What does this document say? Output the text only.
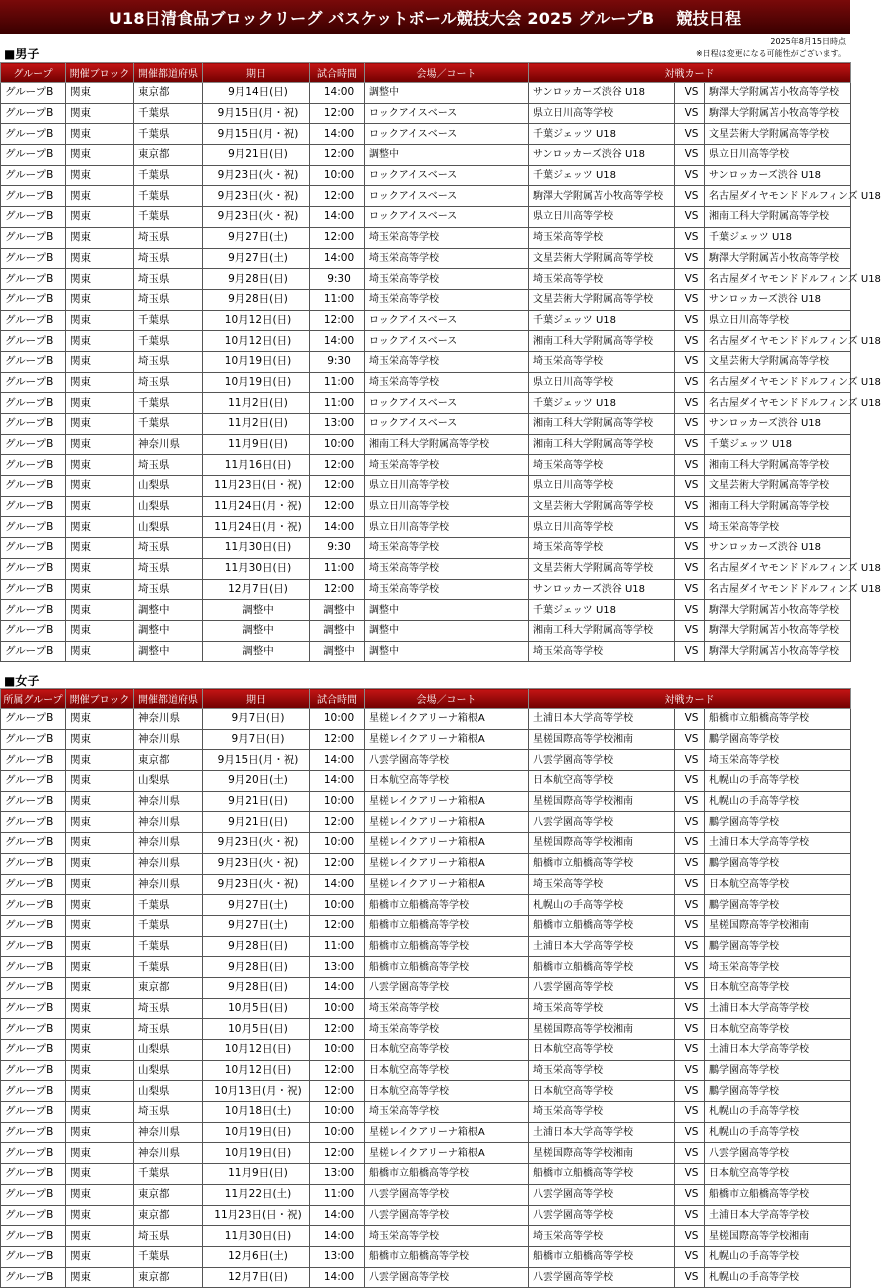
U18日清食品ブロックリーグ バスケットボール競技大会 2025 グループB　 競技日程
2025年8月15日時点
※日程は変更になる可能性がございます。
■男子
グループ	開催ブロック	開催都道府県	期日	試合時間	会場／コート	対戦カード		
グループB	関東	東京都	9月14日(日)	14:00	調整中	サンロッカーズ渋谷 U18	VS	駒澤大学附属苫小牧高等学校
グループB	関東	千葉県	9月15日(月・祝)	12:00	ロックアイスベース	県立日川高等学校	VS	駒澤大学附属苫小牧高等学校
グループB	関東	千葉県	9月15日(月・祝)	14:00	ロックアイスベース	千葉ジェッツ U18	VS	文星芸術大学附属高等学校
グループB	関東	東京都	9月21日(日)	12:00	調整中	サンロッカーズ渋谷 U18	VS	県立日川高等学校
グループB	関東	千葉県	9月23日(火・祝)	10:00	ロックアイスベース	千葉ジェッツ U18	VS	サンロッカーズ渋谷 U18
グループB	関東	千葉県	9月23日(火・祝)	12:00	ロックアイスベース	駒澤大学附属苫小牧高等学校	VS	名古屋ダイヤモンドドルフィンズ U18
グループB	関東	千葉県	9月23日(火・祝)	14:00	ロックアイスベース	県立日川高等学校	VS	湘南工科大学附属高等学校
グループB	関東	埼玉県	9月27日(土)	12:00	埼玉栄高等学校	埼玉栄高等学校	VS	千葉ジェッツ U18
グループB	関東	埼玉県	9月27日(土)	14:00	埼玉栄高等学校	文星芸術大学附属高等学校	VS	駒澤大学附属苫小牧高等学校
グループB	関東	埼玉県	9月28日(日)	9:30	埼玉栄高等学校	埼玉栄高等学校	VS	名古屋ダイヤモンドドルフィンズ U18
グループB	関東	埼玉県	9月28日(日)	11:00	埼玉栄高等学校	文星芸術大学附属高等学校	VS	サンロッカーズ渋谷 U18
グループB	関東	千葉県	10月12日(日)	12:00	ロックアイスベース	千葉ジェッツ U18	VS	県立日川高等学校
グループB	関東	千葉県	10月12日(日)	14:00	ロックアイスベース	湘南工科大学附属高等学校	VS	名古屋ダイヤモンドドルフィンズ U18
グループB	関東	埼玉県	10月19日(日)	9:30	埼玉栄高等学校	埼玉栄高等学校	VS	文星芸術大学附属高等学校
グループB	関東	埼玉県	10月19日(日)	11:00	埼玉栄高等学校	県立日川高等学校	VS	名古屋ダイヤモンドドルフィンズ U18
グループB	関東	千葉県	11月2日(日)	11:00	ロックアイスベース	千葉ジェッツ U18	VS	名古屋ダイヤモンドドルフィンズ U18
グループB	関東	千葉県	11月2日(日)	13:00	ロックアイスベース	湘南工科大学附属高等学校	VS	サンロッカーズ渋谷 U18
グループB	関東	神奈川県	11月9日(日)	10:00	湘南工科大学附属高等学校	湘南工科大学附属高等学校	VS	千葉ジェッツ U18
グループB	関東	埼玉県	11月16日(日)	12:00	埼玉栄高等学校	埼玉栄高等学校	VS	湘南工科大学附属高等学校
グループB	関東	山梨県	11月23日(日・祝)	12:00	県立日川高等学校	県立日川高等学校	VS	文星芸術大学附属高等学校
グループB	関東	山梨県	11月24日(月・祝)	12:00	県立日川高等学校	文星芸術大学附属高等学校	VS	湘南工科大学附属高等学校
グループB	関東	山梨県	11月24日(月・祝)	14:00	県立日川高等学校	県立日川高等学校	VS	埼玉栄高等学校
グループB	関東	埼玉県	11月30日(日)	9:30	埼玉栄高等学校	埼玉栄高等学校	VS	サンロッカーズ渋谷 U18
グループB	関東	埼玉県	11月30日(日)	11:00	埼玉栄高等学校	文星芸術大学附属高等学校	VS	名古屋ダイヤモンドドルフィンズ U18
グループB	関東	埼玉県	12月7日(日)	12:00	埼玉栄高等学校	サンロッカーズ渋谷 U18	VS	名古屋ダイヤモンドドルフィンズ U18
グループB	関東	調整中	調整中	調整中	調整中	千葉ジェッツ U18	VS	駒澤大学附属苫小牧高等学校
グループB	関東	調整中	調整中	調整中	調整中	湘南工科大学附属高等学校	VS	駒澤大学附属苫小牧高等学校
グループB	関東	調整中	調整中	調整中	調整中	埼玉栄高等学校	VS	駒澤大学附属苫小牧高等学校
■女子
所属グループ	開催ブロック	開催都道府県	期日	試合時間	会場／コート	対戦カード		
グループB	関東	神奈川県	9月7日(日)	10:00	星槎レイクアリーナ箱根A	土浦日本大学高等学校	VS	船橋市立船橋高等学校
グループB	関東	神奈川県	9月7日(日)	12:00	星槎レイクアリーナ箱根A	星槎国際高等学校湘南	VS	鵬学園高等学校
グループB	関東	東京都	9月15日(月・祝)	14:00	八雲学園高等学校	八雲学園高等学校	VS	埼玉栄高等学校
グループB	関東	山梨県	9月20日(土)	14:00	日本航空高等学校	日本航空高等学校	VS	札幌山の手高等学校
グループB	関東	神奈川県	9月21日(日)	10:00	星槎レイクアリーナ箱根A	星槎国際高等学校湘南	VS	札幌山の手高等学校
グループB	関東	神奈川県	9月21日(日)	12:00	星槎レイクアリーナ箱根A	八雲学園高等学校	VS	鵬学園高等学校
グループB	関東	神奈川県	9月23日(火・祝)	10:00	星槎レイクアリーナ箱根A	星槎国際高等学校湘南	VS	土浦日本大学高等学校
グループB	関東	神奈川県	9月23日(火・祝)	12:00	星槎レイクアリーナ箱根A	船橋市立船橋高等学校	VS	鵬学園高等学校
グループB	関東	神奈川県	9月23日(火・祝)	14:00	星槎レイクアリーナ箱根A	埼玉栄高等学校	VS	日本航空高等学校
グループB	関東	千葉県	9月27日(土)	10:00	船橋市立船橋高等学校	札幌山の手高等学校	VS	鵬学園高等学校
グループB	関東	千葉県	9月27日(土)	12:00	船橋市立船橋高等学校	船橋市立船橋高等学校	VS	星槎国際高等学校湘南
グループB	関東	千葉県	9月28日(日)	11:00	船橋市立船橋高等学校	土浦日本大学高等学校	VS	鵬学園高等学校
グループB	関東	千葉県	9月28日(日)	13:00	船橋市立船橋高等学校	船橋市立船橋高等学校	VS	埼玉栄高等学校
グループB	関東	東京都	9月28日(日)	14:00	八雲学園高等学校	八雲学園高等学校	VS	日本航空高等学校
グループB	関東	埼玉県	10月5日(日)	10:00	埼玉栄高等学校	埼玉栄高等学校	VS	土浦日本大学高等学校
グループB	関東	埼玉県	10月5日(日)	12:00	埼玉栄高等学校	星槎国際高等学校湘南	VS	日本航空高等学校
グループB	関東	山梨県	10月12日(日)	10:00	日本航空高等学校	日本航空高等学校	VS	土浦日本大学高等学校
グループB	関東	山梨県	10月12日(日)	12:00	日本航空高等学校	埼玉栄高等学校	VS	鵬学園高等学校
グループB	関東	山梨県	10月13日(月・祝)	12:00	日本航空高等学校	日本航空高等学校	VS	鵬学園高等学校
グループB	関東	埼玉県	10月18日(土)	10:00	埼玉栄高等学校	埼玉栄高等学校	VS	札幌山の手高等学校
グループB	関東	神奈川県	10月19日(日)	10:00	星槎レイクアリーナ箱根A	土浦日本大学高等学校	VS	札幌山の手高等学校
グループB	関東	神奈川県	10月19日(日)	12:00	星槎レイクアリーナ箱根A	星槎国際高等学校湘南	VS	八雲学園高等学校
グループB	関東	千葉県	11月9日(日)	13:00	船橋市立船橋高等学校	船橋市立船橋高等学校	VS	日本航空高等学校
グループB	関東	東京都	11月22日(土)	11:00	八雲学園高等学校	八雲学園高等学校	VS	船橋市立船橋高等学校
グループB	関東	東京都	11月23日(日・祝)	14:00	八雲学園高等学校	八雲学園高等学校	VS	土浦日本大学高等学校
グループB	関東	埼玉県	11月30日(日)	14:00	埼玉栄高等学校	埼玉栄高等学校	VS	星槎国際高等学校湘南
グループB	関東	千葉県	12月6日(土)	13:00	船橋市立船橋高等学校	船橋市立船橋高等学校	VS	札幌山の手高等学校
グループB	関東	東京都	12月7日(日)	14:00	八雲学園高等学校	八雲学園高等学校	VS	札幌山の手高等学校
